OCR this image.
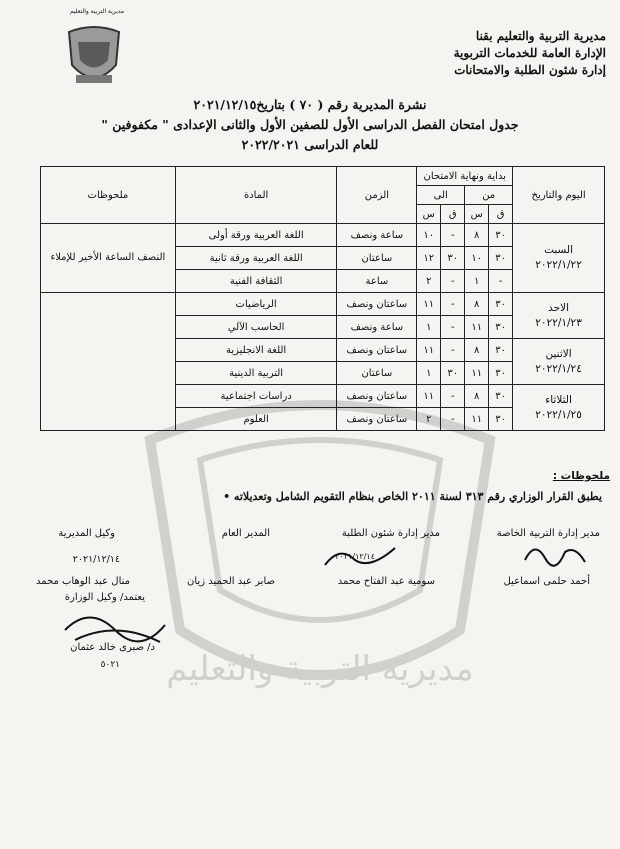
مديرية التربية والتعليم
مديرية التربية والتعليم
مديرية التربية والتعليم بقنا
الإدارة العامة للخدمات التربوية
إدارة شئون الطلبة والامتحانات
نشرة المديرية رقم ( ٧٠ ) بتاريخ٢٠٢١/١٢/١٥
جدول امتحان الفصل الدراسى الأول للصفين الأول والثانى الإعدادى " مكفوفين "
للعام الدراسى ٢٠٢٢/٢٠٢١
اليوم والتاريخ	بداية ونهاية الامتحان				الزمن	المادة	ملحوظات
	من		الى				
	ق	س	ق	س			

السبت
٢٠٢٢/١/٢٢	٣٠	٨	-	١٠	ساعة ونصف	اللغة العربية ورقة أولى	النصف الساعة الأخير للإملاء
	٣٠	١٠	٣٠	١٢	ساعتان	اللغة العربية ورقة ثانية	
	-	١	-	٢	ساعة	الثقافة الفنية	

الاحد
٢٠٢٢/١/٢٣	٣٠	٨	-	١١	ساعتان ونصف	الرياضيات	
	٣٠	١١	-	١	ساعة ونصف	الحاسب الآلي	

الاثنين
٢٠٢٢/١/٢٤	٣٠	٨	-	١١	ساعتان ونصف	اللغة الانجليزية	
	٣٠	١١	٣٠	١	ساعتان	التربية الدينية	

الثلاثاء
٢٠٢٢/١/٢٥	٣٠	٨	-	١١	ساعتان ونصف	دراسات اجتماعية	
	٣٠	١١	-	٢	ساعتان ونصف	العلوم	
ملحوظات :
يطبق القرار الوزاري رقم ٣١٣ لسنة ٢٠١١ الخاص بنظام التقويم الشامل وتعديلاته •
مدير إدارة التربية الخاصة
مدير إدارة شئون الطلبة
المدير العام
وكيل المديرية
أحمد حلمى اسماعيل
سومية عبد الفتاح محمد
صابر عبد الحميد زيان
منال عبد الوهاب محمد
٢٠٢١/١٢/١٤	٢٠٢١/١٢/١٤
يعتمد/ وكيل الوزارة
د/ صبرى خالد عثمان
٥٠٢١
